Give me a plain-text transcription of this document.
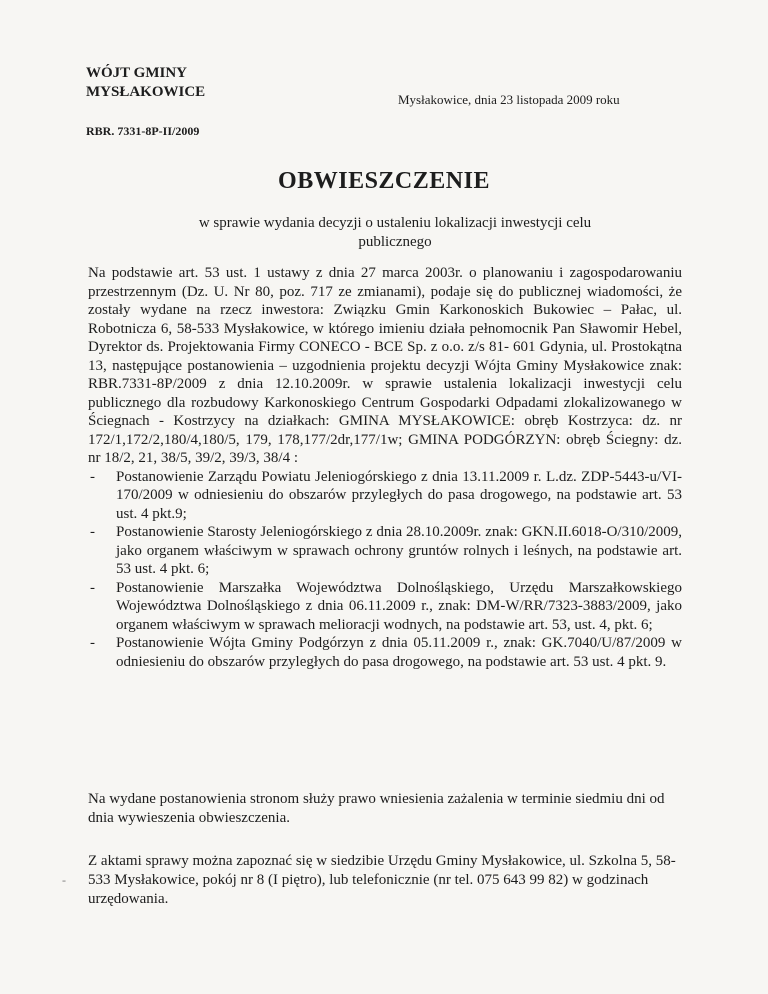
WÓJT GMINY
MYSŁAKOWICE	Mysłakowice, dnia 23 listopada 2009 roku
RBR. 7331-8P-II/2009
OBWIESZCZENIE
w sprawie wydania decyzji o ustaleniu lokalizacji inwestycji celu publicznego

Na podstawie art. 53 ust. 1 ustawy z dnia 27 marca 2003r. o planowaniu i zagospodarowaniu przestrzennym (Dz. U. Nr 80, poz. 717 ze zmianami), podaje się do publicznej wiadomości, że zostały wydane na rzecz inwestora: Związku Gmin Karkonoskich Bukowiec – Pałac, ul. Robotnicza 6, 58-533 Mysłakowice, w którego imieniu działa pełnomocnik Pan Sławomir Hebel, Dyrektor ds. Projektowania Firmy CONECO - BCE Sp. z o.o. z/s 81- 601 Gdynia, ul. Prostokątna 13, następujące postanowienia – uzgodnienia projektu decyzji Wójta Gminy Mysłakowice znak: RBR.7331-8P/2009 z dnia 12.10.2009r. w sprawie ustalenia lokalizacji inwestycji celu publicznego dla rozbudowy Karkonoskiego Centrum Gospodarki Odpadami zlokalizowanego w Ściegnach - Kostrzycy na działkach: GMINA MYSŁAKOWICE: obręb Kostrzyca: dz. nr 172/1,172/2,180/4,180/5, 179, 178,177/2dr,177/1w; GMINA PODGÓRZYN: obręb Ściegny: dz. nr 18/2, 21, 38/5, 39/2, 39/3, 38/4 :

- Postanowienie Zarządu Powiatu Jeleniogórskiego z dnia 13.11.2009 r. L.dz. ZDP-5443-u/VI-170/2009 w odniesieniu do obszarów przyległych do pasa drogowego, na podstawie art. 53 ust. 4 pkt.9;
- Postanowienie Starosty Jeleniogórskiego z dnia 28.10.2009r. znak: GKN.II.6018-O/310/2009, jako organem właściwym w sprawach ochrony gruntów rolnych i leśnych, na podstawie art. 53 ust. 4 pkt. 6;
- Postanowienie Marszałka Województwa Dolnośląskiego, Urzędu Marszałkowskiego Województwa Dolnośląskiego z dnia 06.11.2009 r., znak: DM-W/RR/7323-3883/2009, jako organem właściwym w sprawach melioracji wodnych, na podstawie art. 53, ust. 4, pkt. 6;
- Postanowienie Wójta Gminy Podgórzyn z dnia 05.11.2009 r., znak: GK.7040/U/87/2009 w odniesieniu do obszarów przyległych do pasa drogowego, na podstawie art. 53 ust. 4 pkt. 9.
Na wydane postanowienia stronom służy prawo wniesienia zażalenia w terminie siedmiu dni od dnia wywieszenia obwieszczenia.
-
Z aktami sprawy można zapoznać się w siedzibie Urzędu Gminy Mysłakowice, ul. Szkolna 5, 58-533 Mysłakowice, pokój nr 8 (I piętro), lub telefonicznie (nr tel. 075 643 99 82) w godzinach urzędowania.
